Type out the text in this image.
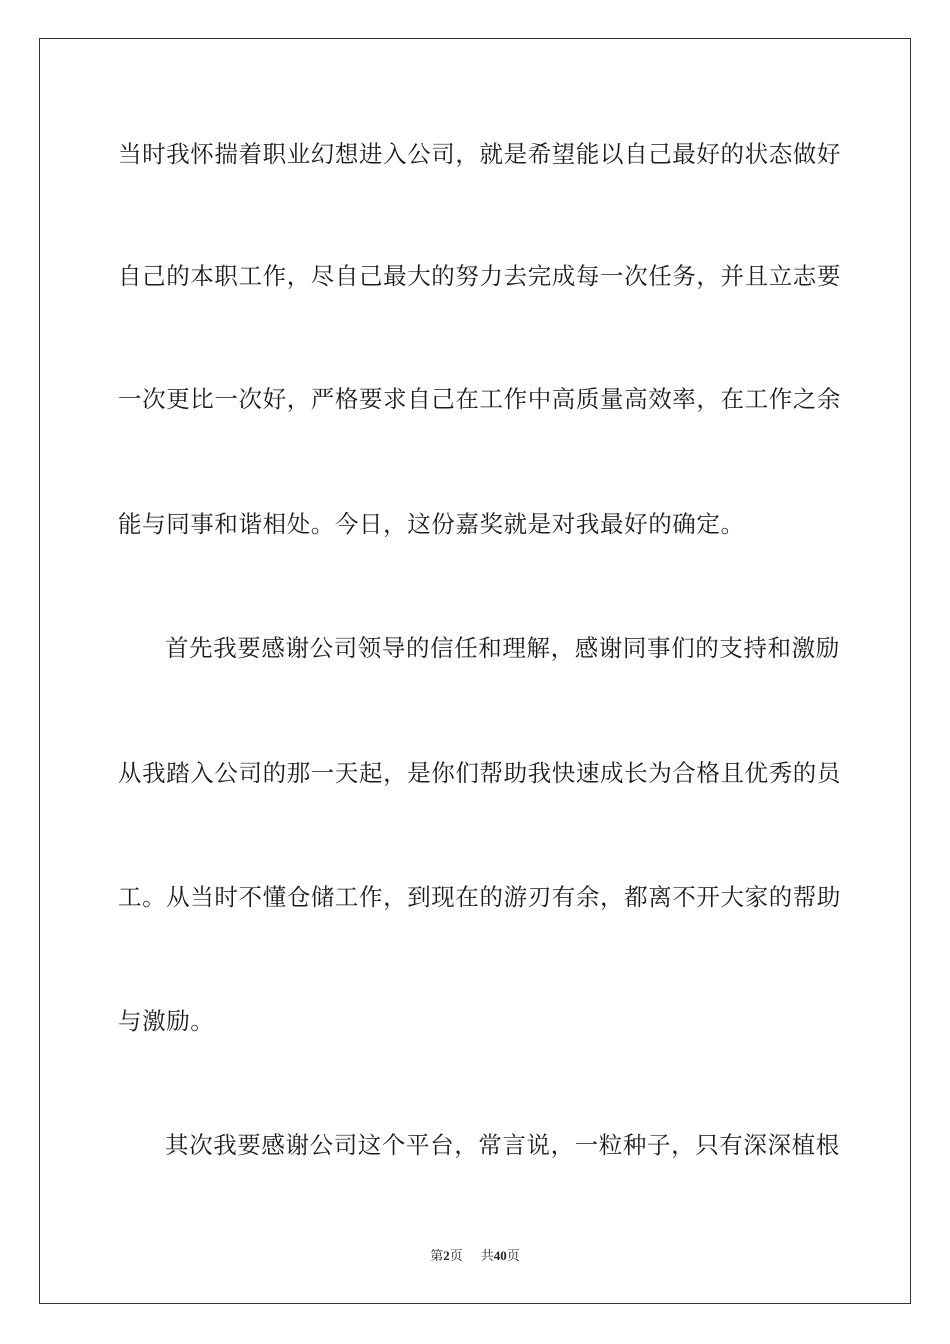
当时我怀揣着职业幻想进入公司，就是希望能以自己最好的状态做好
自己的本职工作，尽自己最大的努力去完成每一次任务，并且立志要
一次更比一次好，严格要求自己在工作中高质量高效率，在工作之余
能与同事和谐相处。今日，这份嘉奖就是对我最好的确定。
首先我要感谢公司领导的信任和理解，感谢同事们的支持和激励
从我踏入公司的那一天起，是你们帮助我快速成长为合格且优秀的员
工。从当时不懂仓储工作，到现在的游刃有余，都离不开大家的帮助
与激励。
其次我要感谢公司这个平台，常言说，一粒种子，只有深深植根
第2页 共40页
